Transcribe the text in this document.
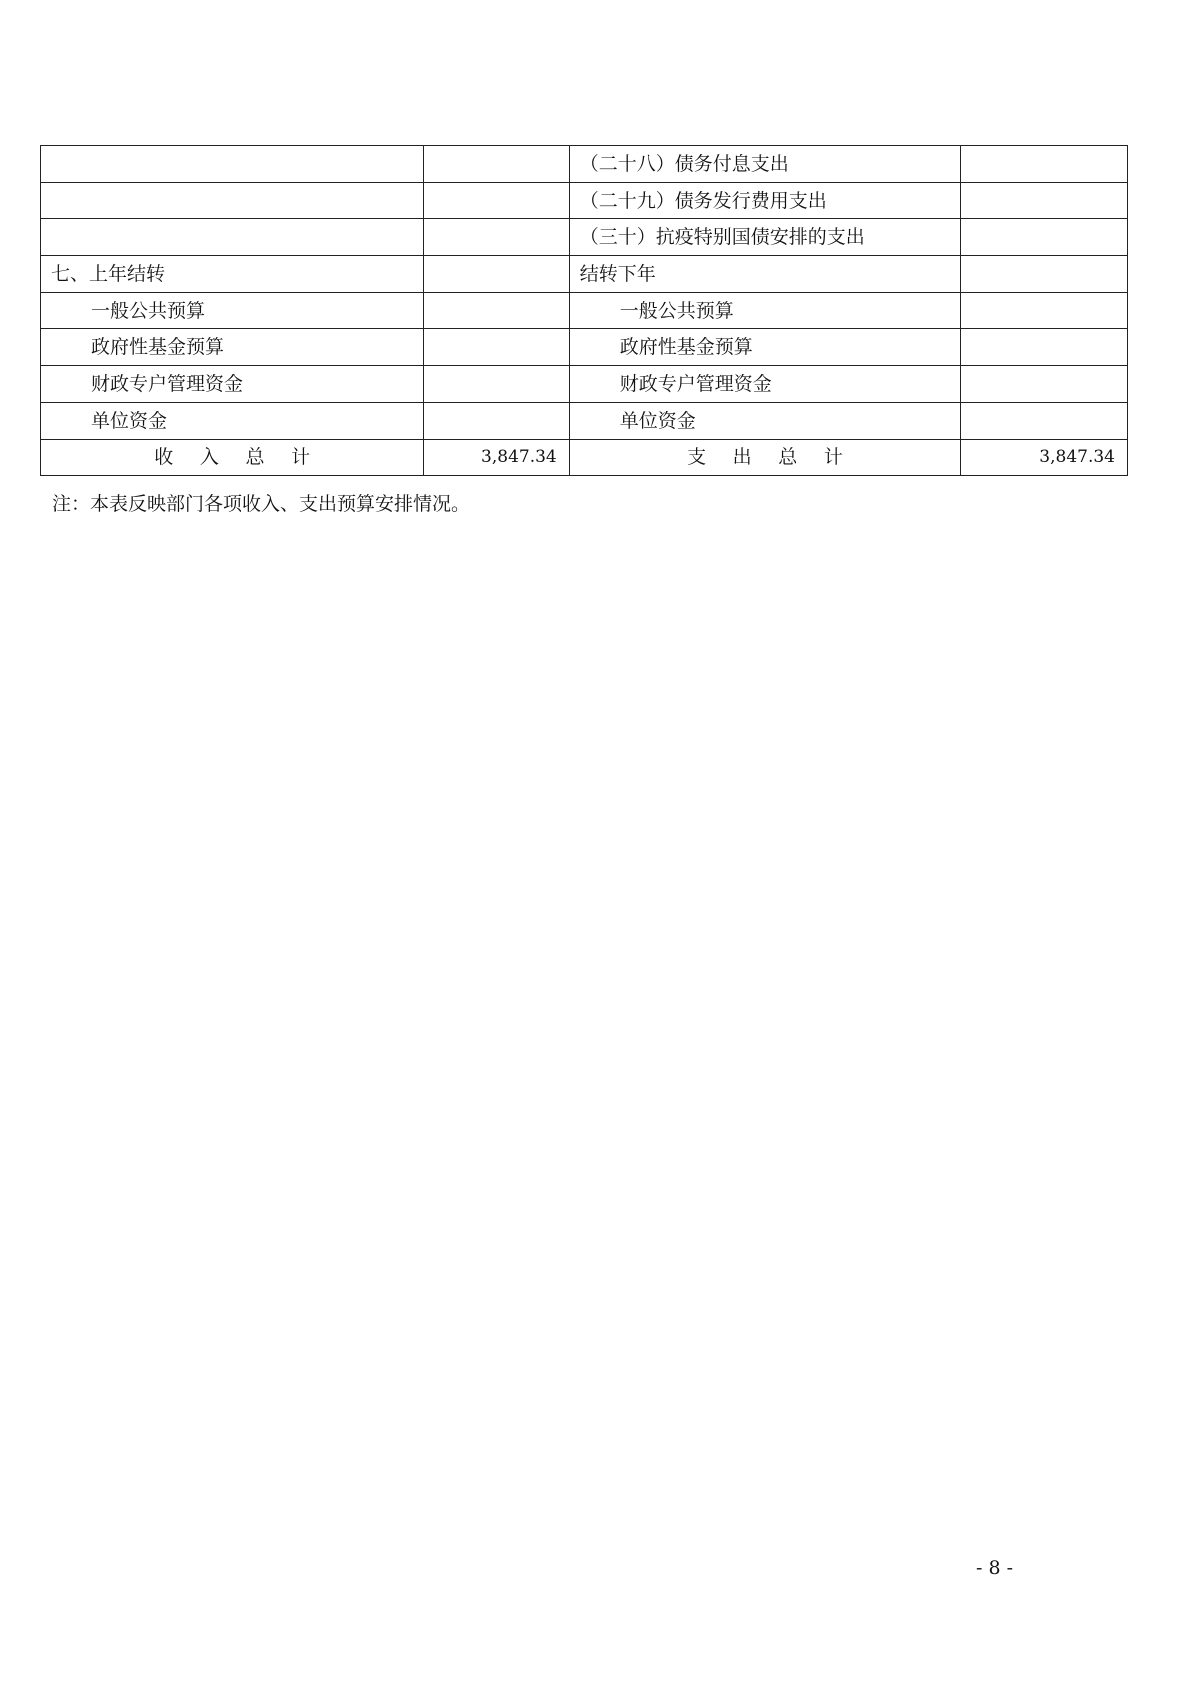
		（二十八）债务付息支出	
		（二十九）债务发行费用支出	
		（三十）抗疫特别国债安排的支出	
七、上年结转		结转下年	
一般公共预算		一般公共预算	
政府性基金预算		政府性基金预算	
财政专户管理资金		财政专户管理资金	
单位资金		单位资金	
收入总计	3,847.34	支出总计	3,847.34
注：本表反映部门各项收入、支出预算安排情况。
- 8 -
